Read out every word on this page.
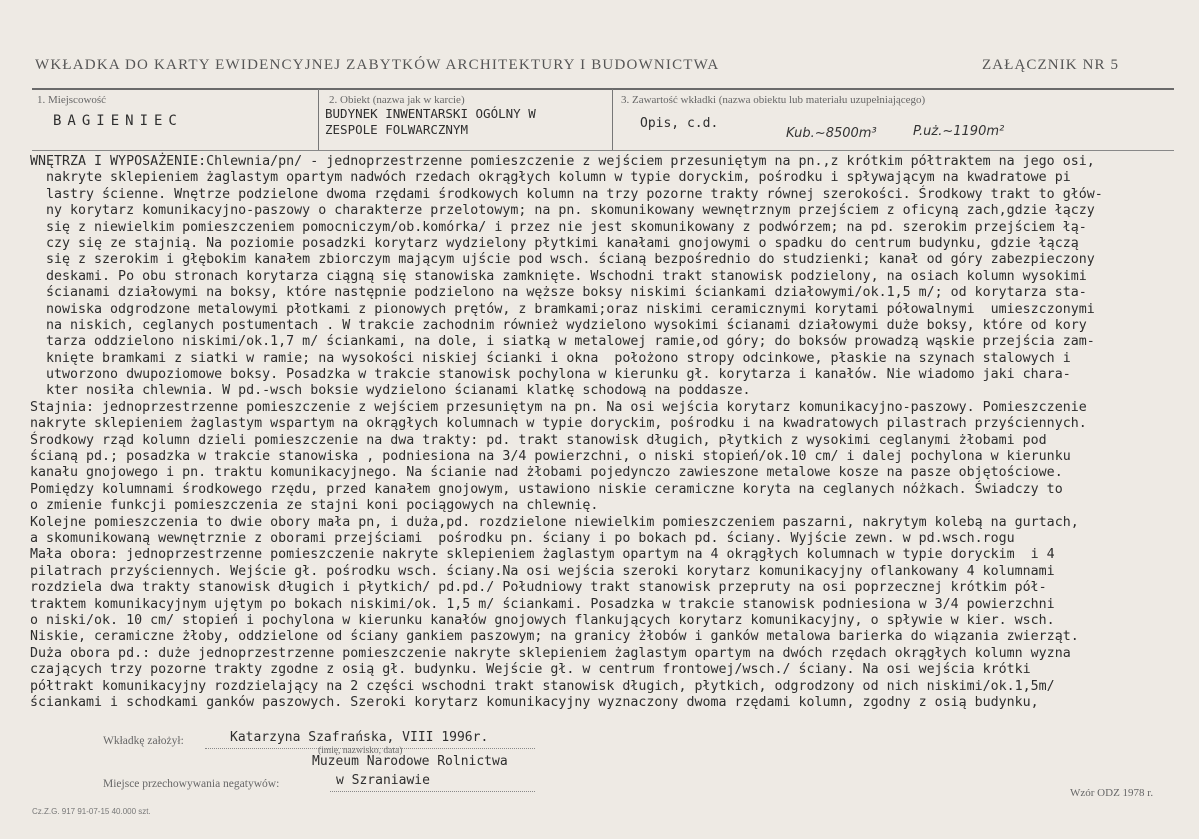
WKŁADKA DO KARTY EWIDENCYJNEJ ZABYTKÓW ARCHITEKTURY I BUDOWNICTWA	ZAŁĄCZNIK NR 5
1. Miejscowość
BAGIENIEC
2. Obiekt (nazwa jak w karcie)
BUDYNEK INWENTARSKI OGÓLNY W
ZESPOLE FOLWARCZNYM
3. Zawartość wkładki (nazwa obiektu lub materiału uzupełniającego)
Opis, c.d.
Kub.~8500m³	P.uż.~1190m²
WNĘTRZA I WYPOSAŻENIE:Chlewnia/pn/ - jednoprzestrzenne pomieszczenie z wejściem przesuniętym na pn.,z krótkim półtraktem na jego osi,
nakryte sklepieniem żaglastym opartym nadwóch rzedach okrągłych kolumn w typie doryckim, pośrodku i spływającym na kwadratowe pi
lastry ścienne. Wnętrze podzielone dwoma rzędami środkowych kolumn na trzy pozorne trakty równej szerokości. Środkowy trakt to głów-
ny korytarz komunikacyjno-paszowy o charakterze przelotowym; na pn. skomunikowany wewnętrznym przejściem z oficyną zach,gdzie łączy
się z niewielkim pomieszczeniem pomocniczym/ob.komórka/ i przez nie jest skomunikowany z podwórzem; na pd. szerokim przejściem łą-
czy się ze stajnią. Na poziomie posadzki korytarz wydzielony płytkimi kanałami gnojowymi o spadku do centrum budynku, gdzie łączą
się z szerokim i głębokim kanałem zbiorczym mającym ujście pod wsch. ścianą bezpośrednio do studzienki; kanał od góry zabezpieczony
deskami. Po obu stronach korytarza ciągną się stanowiska zamknięte. Wschodni trakt stanowisk podzielony, na osiach kolumn wysokimi
ścianami działowymi na boksy, które następnie podzielono na węższe boksy niskimi ściankami działowymi/ok.1,5 m/; od korytarza sta-
nowiska odgrodzone metalowymi płotkami z pionowych prętów, z bramkami;oraz niskimi ceramicznymi korytami półowalnymi  umieszczonymi
na niskich, ceglanych postumentach . W trakcie zachodnim również wydzielono wysokimi ścianami działowymi duże boksy, które od kory
tarza oddzielono niskimi/ok.1,7 m/ ściankami, na dole, i siatką w metalowej ramie,od góry; do boksów prowadzą wąskie przejścia zam-
knięte bramkami z siatki w ramie; na wysokości niskiej ścianki i okna  położono stropy odcinkowe, płaskie na szynach stalowych i
utworzono dwupoziomowe boksy. Posadzka w trakcie stanowisk pochylona w kierunku gł. korytarza i kanałów. Nie wiadomo jaki chara-
kter nosiła chlewnia. W pd.-wsch boksie wydzielono ścianami klatkę schodową na poddasze.
Stajnia: jednoprzestrzenne pomieszczenie z wejściem przesuniętym na pn. Na osi wejścia korytarz komunikacyjno-paszowy. Pomieszczenie
nakryte sklepieniem żaglastym wspartym na okrągłych kolumnach w typie doryckim, pośrodku i na kwadratowych pilastrach przyściennych.
Środkowy rząd kolumn dzieli pomieszczenie na dwa trakty: pd. trakt stanowisk długich, płytkich z wysokimi ceglanymi żłobami pod
ścianą pd.; posadzka w trakcie stanowiska , podniesiona na 3/4 powierzchni, o niski stopień/ok.10 cm/ i dalej pochylona w kierunku
kanału gnojowego i pn. traktu komunikacyjnego. Na ścianie nad żłobami pojedynczo zawieszone metalowe kosze na pasze objętościowe.
Pomiędzy kolumnami środkowego rzędu, przed kanałem gnojowym, ustawiono niskie ceramiczne koryta na ceglanych nóżkach. Świadczy to
o zmienie funkcji pomieszczenia ze stajni koni pociągowych na chlewnię.
Kolejne pomieszczenia to dwie obory mała pn, i duża,pd. rozdzielone niewielkim pomieszczeniem paszarni, nakrytym kolebą na gurtach,
a skomunikowaną wewnętrznie z oborami przejściami  pośrodku pn. ściany i po bokach pd. ściany. Wyjście zewn. w pd.wsch.rogu
Mała obora: jednoprzestrzenne pomieszczenie nakryte sklepieniem żaglastym opartym na 4 okrągłych kolumnach w typie doryckim  i 4
pilatrach przyściennych. Wejście gł. pośrodku wsch. ściany.Na osi wejścia szeroki korytarz komunikacyjny oflankowany 4 kolumnami
rozdziela dwa trakty stanowisk długich i płytkich/ pd.pd./ Południowy trakt stanowisk przepruty na osi poprzecznej krótkim pół-
traktem komunikacyjnym ujętym po bokach niskimi/ok. 1,5 m/ ściankami. Posadzka w trakcie stanowisk podniesiona w 3/4 powierzchni
o niski/ok. 10 cm/ stopień i pochylona w kierunku kanałów gnojowych flankujących korytarz komunikacyjny, o spływie w kier. wsch.
Niskie, ceramiczne żłoby, oddzielone od ściany gankiem paszowym; na granicy żłobów i ganków metalowa barierka do wiązania zwierząt.
Duża obora pd.: duże jednoprzestrzenne pomieszczenie nakryte sklepieniem żaglastym opartym na dwóch rzędach okrągłych kolumn wyzna
czających trzy pozorne trakty zgodne z osią gł. budynku. Wejście gł. w centrum frontowej/wsch./ ściany. Na osi wejścia krótki
półtrakt komunikacyjny rozdzielający na 2 części wschodni trakt stanowisk długich, płytkich, odgrodzony od nich niskimi/ok.1,5m/
ściankami i schodkami ganków paszowych. Szeroki korytarz komunikacyjny wyznaczony dwoma rzędami kolumn, zgodny z osią budynku,
Wkładkę założył:	Katarzyna Szafrańska, VIII 1996r.
(imię, nazwisko, data)
Muzeum Narodowe Rolnictwa
Miejsce przechowywania negatywów:	w Szraniawie
Cz.Z.G. 917 91-07-15 40.000 szt.
Wzór ODZ 1978 r.
